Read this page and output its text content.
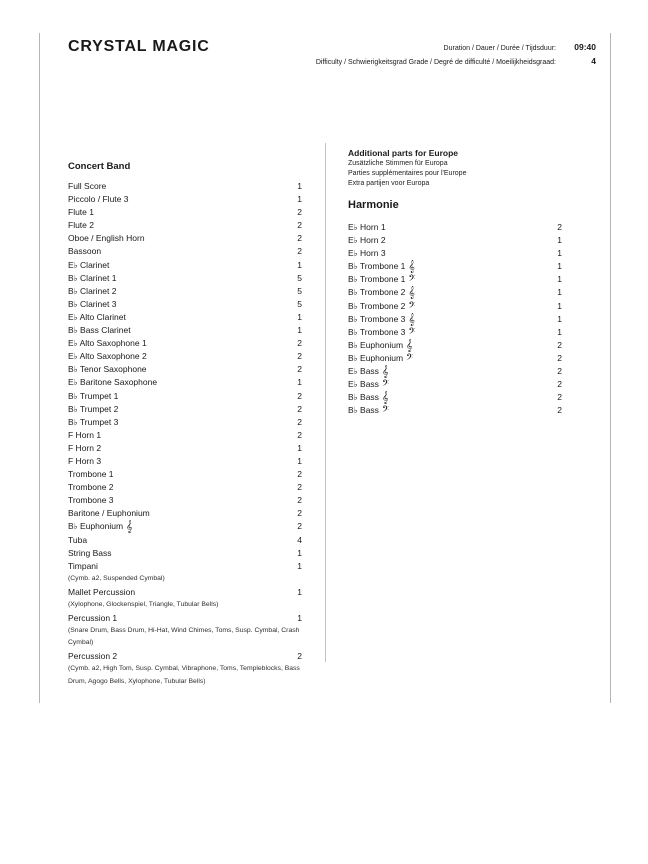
CRYSTAL MAGIC	Duration / Dauer / Durée / Tijdsduur:	09:40
Difficulty / Schwierigkeitsgrad Grade / Degré de difficulté / Moeilijkheidsgraad:	4
Concert Band
Full Score	1
Piccolo / Flute 3	1
Flute 1	2
Flute 2	2
Oboe / English Horn	2
Bassoon	2
E♭ Clarinet	1
B♭ Clarinet 1	5
B♭ Clarinet 2	5
B♭ Clarinet 3	5
E♭ Alto Clarinet	1
B♭ Bass Clarinet	1
E♭ Alto Saxophone 1	2
E♭ Alto Saxophone 2	2
B♭ Tenor Saxophone	2
E♭ Baritone Saxophone	1
B♭ Trumpet 1	2
B♭ Trumpet 2	2
B♭ Trumpet 3	2
F Horn 1	2
F Horn 2	1
F Horn 3	1
Trombone 1	2
Trombone 2	2
Trombone 3	2
Baritone / Euphonium	2
B♭ Euphonium 𝄞	2
Tuba	4
String Bass	1
Timpani	1
(Cymb. a2, Suspended Cymbal)
Mallet Percussion	1
(Xylophone, Glockenspiel, Triangle, Tubular Bells)
Percussion 1	1
(Snare Drum, Bass Drum, Hi-Hat, Wind Chimes, Toms, Susp. Cymbal, Crash Cymbal)
Percussion 2	2
(Cymb. a2, High Tom, Susp. Cymbal, Vibraphone, Toms, Templeblocks, Bass Drum, Agogo Bells, Xylophone, Tubular Bells)
Additional parts for Europe
Zusätzliche Stimmen für Europa
Parties supplémentaires pour l'Europe
Extra partijen voor Europa
Harmonie
E♭ Horn 1	2
E♭ Horn 2	1
E♭ Horn 3	1
B♭ Trombone 1 𝄞	1
B♭ Trombone 1 𝄢	1
B♭ Trombone 2 𝄞	1
B♭ Trombone 2 𝄢	1
B♭ Trombone 3 𝄞	1
B♭ Trombone 3 𝄢	1
B♭ Euphonium 𝄞	2
B♭ Euphonium 𝄢	2
E♭ Bass 𝄞	2
E♭ Bass 𝄢	2
B♭ Bass 𝄞	2
B♭ Bass 𝄢	2
